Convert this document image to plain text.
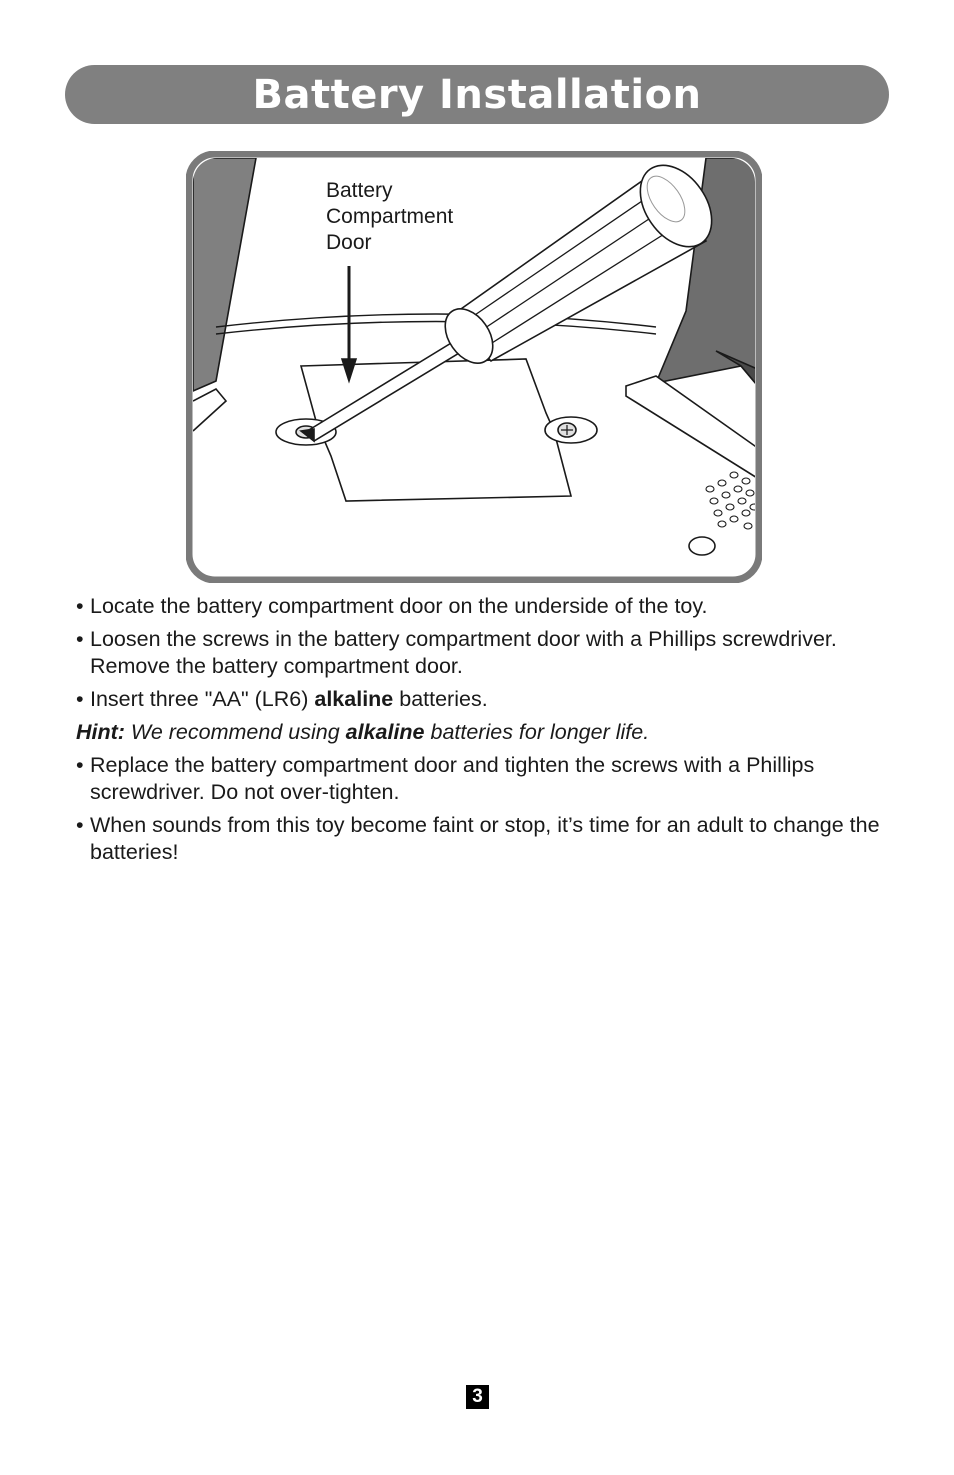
Battery Installation
Battery
Compartment
Door
• Locate the battery compartment door on the underside of the toy.
• Loosen the screws in the battery compartment door with a Phillips screwdriver. Remove the battery compartment door.
• Insert three "AA" (LR6) alkaline batteries.

Hint: We recommend using alkaline batteries for longer life.

• Replace the battery compartment door and tighten the screws with a Phillips screwdriver. Do not over-tighten.
• When sounds from this toy become faint or stop, it’s time for an adult to change the batteries!
3
